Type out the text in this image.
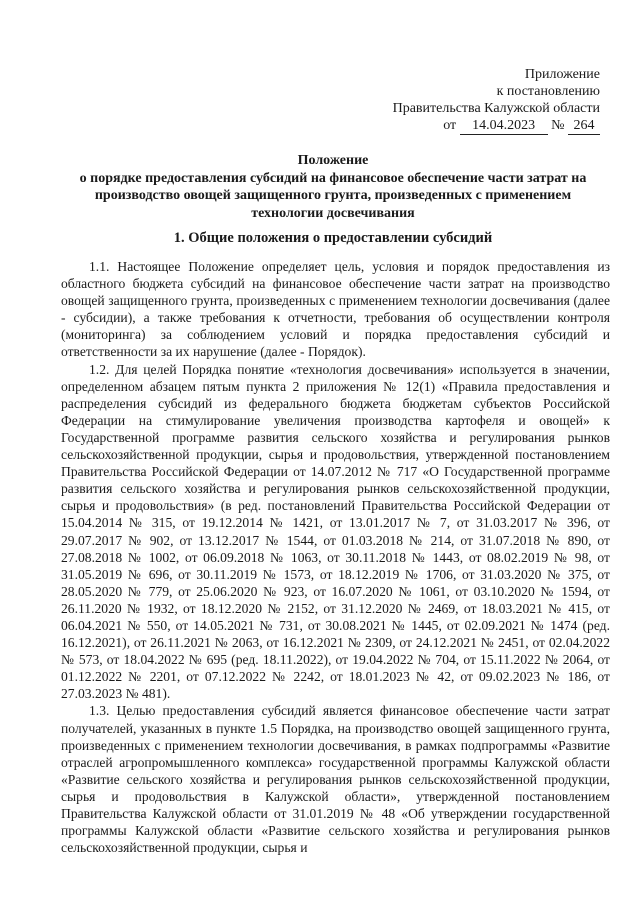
Приложение
к постановлению
Правительства Калужской области
от 14.04.2023 № 264
Положение
о порядке предоставления субсидий на финансовое обеспечение части затрат на
производство овощей защищенного грунта, произведенных с применением
технологии досвечивания
1. Общие положения о предоставлении субсидий

1.1. Настоящее Положение определяет цель, условия и порядок предоставления из областного бюджета субсидий на финансовое обеспечение части затрат на производство овощей защищенного грунта, произведенных с применением технологии досвечивания (далее - субсидии), а также требования к отчетности, требования об осуществлении контроля (мониторинга) за соблюдением условий и порядка предоставления субсидий и ответственности за их нарушение (далее - Порядок).

1.2. Для целей Порядка понятие «технология досвечивания» используется в значении, определенном абзацем пятым пункта 2 приложения № 12(1) «Правила предоставления и распределения субсидий из федерального бюджета бюджетам субъектов Российской Федерации на стимулирование увеличения производства картофеля и овощей» к Государственной программе развития сельского хозяйства и регулирования рынков сельскохозяйственной продукции, сырья и продовольствия, утвержденной постановлением Правительства Российской Федерации от 14.07.2012 № 717 «О Государственной программе развития сельского хозяйства и регулирования рынков сельскохозяйственной продукции, сырья и продовольствия» (в ред. постановлений Правительства Российской Федерации от 15.04.2014 № 315, от 19.12.2014 № 1421, от 13.01.2017 № 7, от 31.03.2017 № 396, от 29.07.2017 № 902, от 13.12.2017 № 1544, от 01.03.2018 № 214, от 31.07.2018 № 890, от 27.08.2018 № 1002, от 06.09.2018 № 1063, от 30.11.2018 № 1443, от 08.02.2019 № 98, от 31.05.2019 № 696, от 30.11.2019 № 1573, от 18.12.2019 № 1706, от 31.03.2020 № 375, от 28.05.2020 № 779, от 25.06.2020 № 923, от 16.07.2020 № 1061, от 03.10.2020 № 1594, от 26.11.2020 № 1932, от 18.12.2020 № 2152, от 31.12.2020 № 2469, от 18.03.2021 № 415, от 06.04.2021 № 550, от 14.05.2021 № 731, от 30.08.2021 № 1445, от 02.09.2021 № 1474 (ред. 16.12.2021), от 26.11.2021 № 2063, от 16.12.2021 № 2309, от 24.12.2021 № 2451, от 02.04.2022 № 573, от 18.04.2022 № 695 (ред. 18.11.2022), от 19.04.2022 № 704, от 15.11.2022 № 2064, от 01.12.2022 № 2201, от 07.12.2022 № 2242, от 18.01.2023 № 42, от 09.02.2023 № 186, от 27.03.2023 № 481).

1.3. Целью предоставления субсидий является финансовое обеспечение части затрат получателей, указанных в пункте 1.5 Порядка, на производство овощей защищенного грунта, произведенных с применением технологии досвечивания, в рамках подпрограммы «Развитие отраслей агропромышленного комплекса» государственной программы Калужской области «Развитие сельского хозяйства и регулирования рынков сельскохозяйственной продукции, сырья и продовольствия в Калужской области», утвержденной постановлением Правительства Калужской области от 31.01.2019 № 48 «Об утверждении государственной программы Калужской области «Развитие сельского хозяйства и регулирования рынков сельскохозяйственной продукции, сырья и
